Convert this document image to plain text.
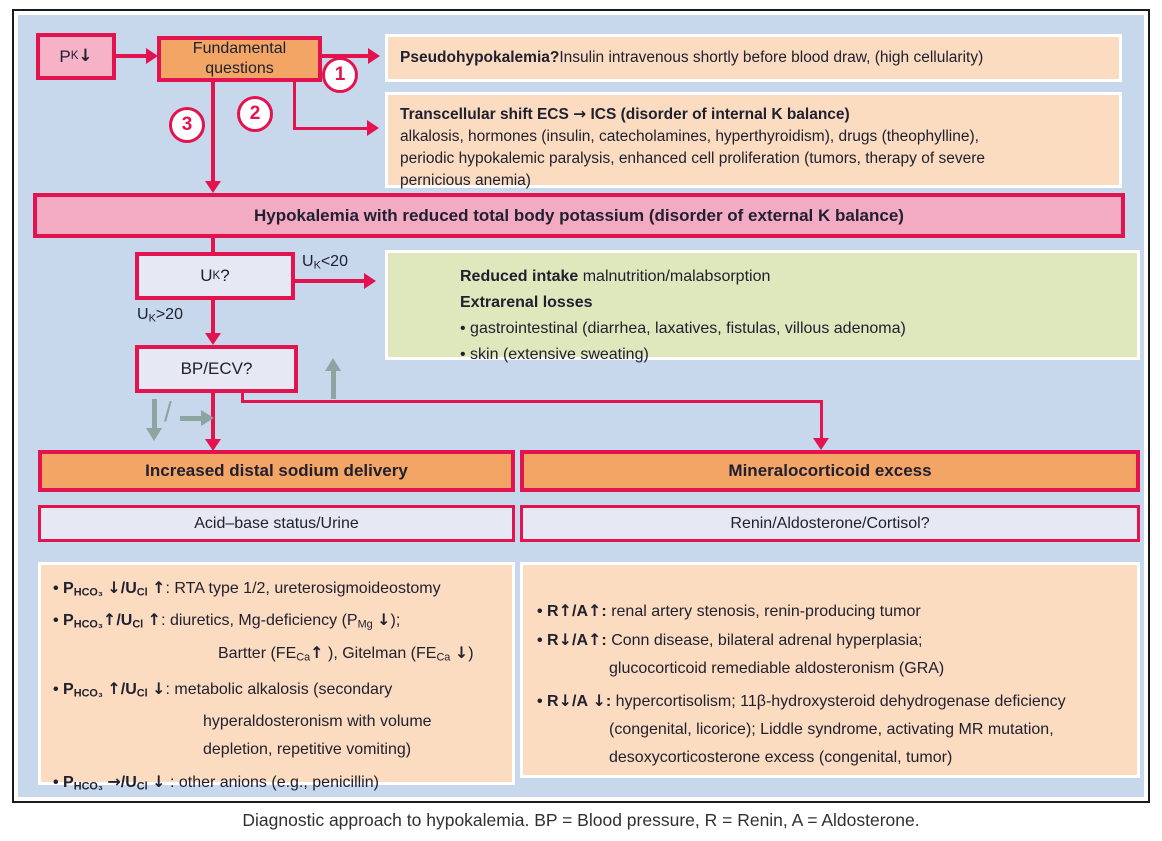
/
1
2
3
UK<20
UK>20
P K ↓	Fundamental questions
Pseudohypokalemia? Insulin intravenous shortly before blood draw, (high cellularity)
Transcellular shift ECS → ICS (disorder of internal K balance)
alkalosis, hormones (insulin, catecholamines, hyperthyroidism), drugs (theophylline),
periodic hypokalemic paralysis, enhanced cell proliferation (tumors, therapy of severe
pernicious anemia)
Hypokalemia with reduced total body potassium (disorder of external K balance)
U K ?
BP/ECV?
Reduced intake malnutrition/malabsorption
Extrarenal losses
• gastrointestinal (diarrhea, laxatives, fistulas, villous adenoma)
• skin (extensive sweating)
Increased distal sodium delivery	Mineralocorticoid excess
Acid–base status/Urine	Renin/Aldosterone/Cortisol?
• PHCO₃ ↓/UCl ↑: RTA type 1/2, ureterosigmoideostomy
• PHCO₃↑/UCl ↑: diuretics, Mg-deficiency (PMg ↓);
Bartter (FECa↑ ), Gitelman (FECa ↓)
• PHCO₃ ↑/UCl ↓: metabolic alkalosis (secondary
hyperaldosteronism with volume
depletion, repetitive vomiting)
• PHCO₃ →/UCl ↓ : other anions (e.g., penicillin)
• R↑/A↑: renal artery stenosis, renin-producing tumor
• R↓/A↑: Conn disease, bilateral adrenal hyperplasia;
glucocorticoid remediable aldosteronism (GRA)
• R↓/A ↓: hypercortisolism; 11β-hydroxysteroid dehydrogenase deficiency
(congenital, licorice); Liddle syndrome, activating MR mutation,
desoxycorticosterone excess (congenital, tumor)
Diagnostic approach to hypokalemia. BP = Blood pressure, R = Renin, A = Aldosterone.
